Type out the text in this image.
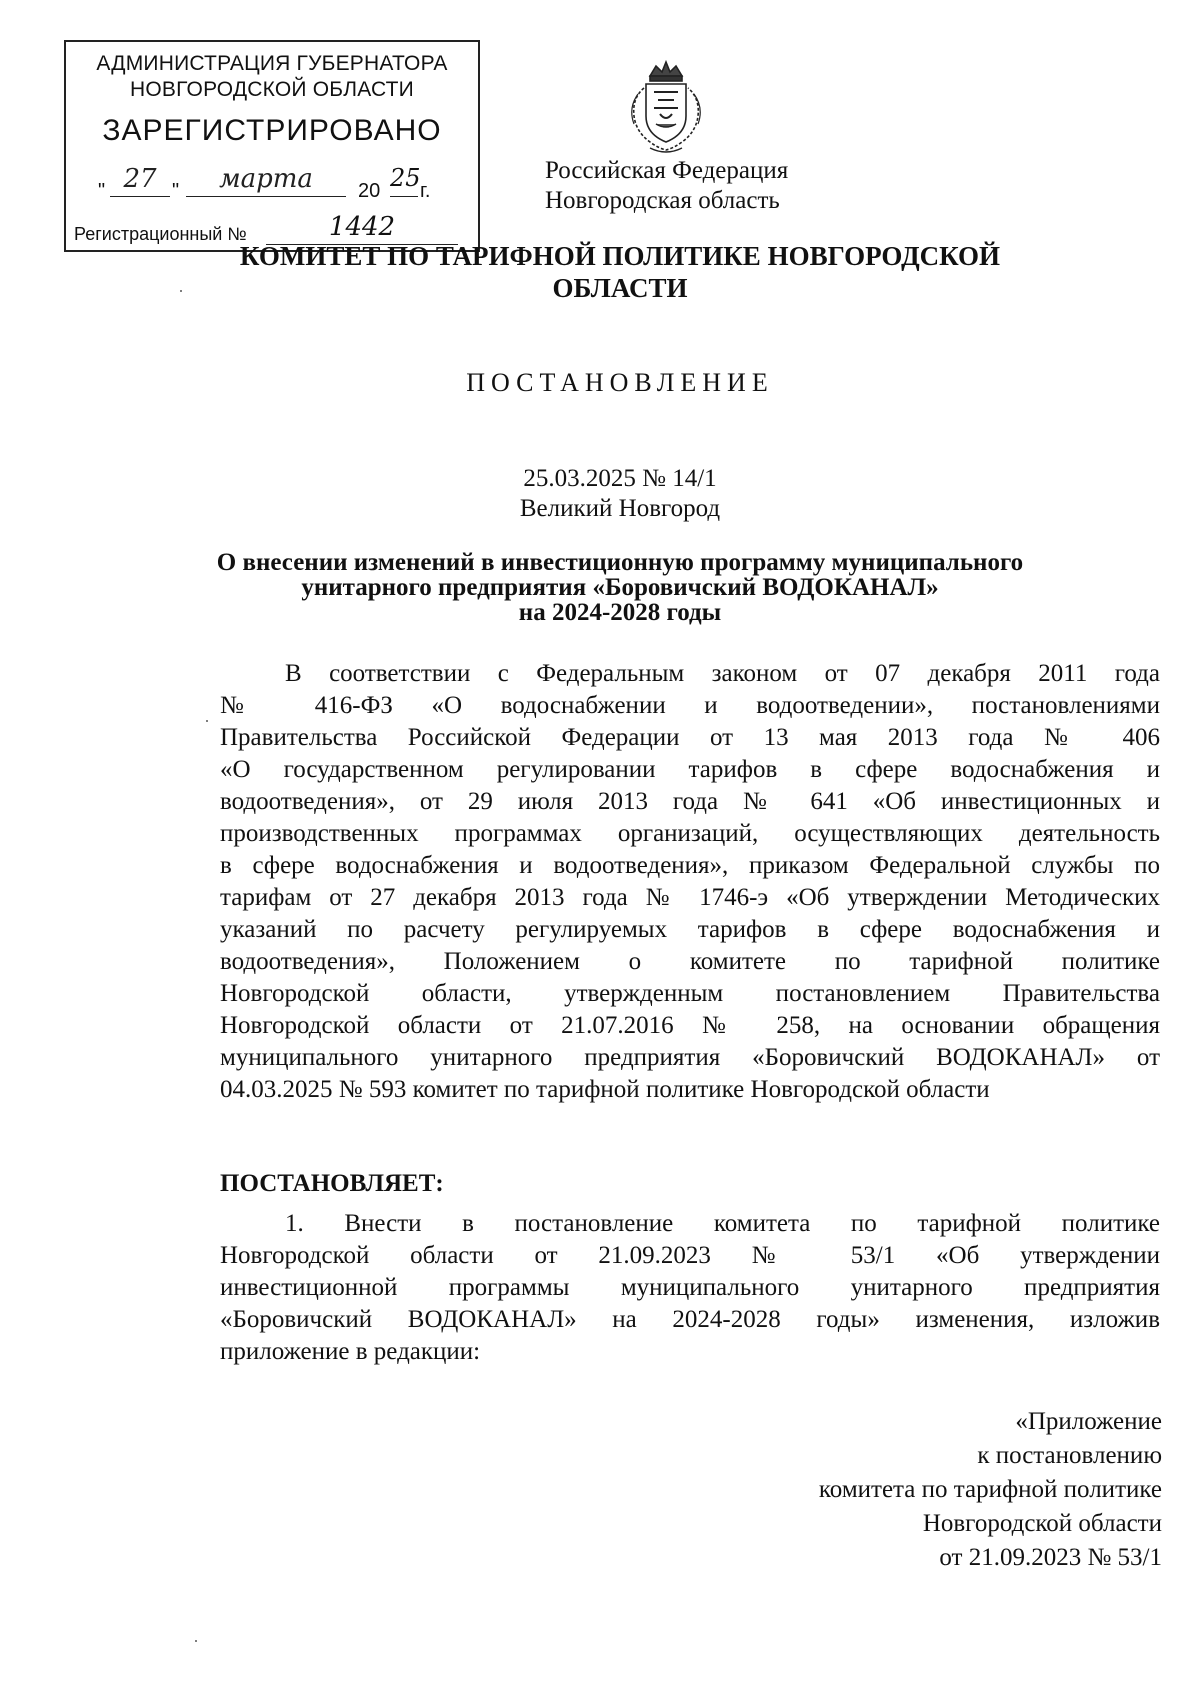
АДМИНИСТРАЦИЯ ГУБЕРНАТОРА
НОВГОРОДСКОЙ ОБЛАСТИ
ЗАРЕГИСТРИРОВАНО
" 27 "	марта	20 25 г.
Регистрационный №	1442
Российская Федерация
Новгородская область
КОМИТЕТ ПО ТАРИФНОЙ ПОЛИТИКЕ НОВГОРОДСКОЙ
ОБЛАСТИ
ПОСТАНОВЛЕНИЕ
25.03.2025 № 14/1
Великий Новгород
О внесении изменений в инвестиционную программу муниципального
унитарного предприятия «Боровичский ВОДОКАНАЛ»
на 2024-2028 годы
В соответствии с Федеральным законом от 07 декабря 2011 года
№ 416-ФЗ «О водоснабжении и водоотведении», постановлениями
Правительства Российской Федерации от 13 мая 2013 года № 406
«О государственном регулировании тарифов в сфере водоснабжения и
водоотведения», от 29 июля 2013 года № 641 «Об инвестиционных и
производственных программах организаций, осуществляющих деятельность
в сфере водоснабжения и водоотведения», приказом Федеральной службы по
тарифам от 27 декабря 2013 года № 1746-э «Об утверждении Методических
указаний по расчету регулируемых тарифов в сфере водоснабжения и
водоотведения», Положением о комитете по тарифной политике
Новгородской области, утвержденным постановлением Правительства
Новгородской области от 21.07.2016 № 258, на основании обращения
муниципального унитарного предприятия «Боровичский ВОДОКАНАЛ» от
04.03.2025 № 593 комитет по тарифной политике Новгородской области
ПОСТАНОВЛЯЕТ:
1. Внести в постановление комитета по тарифной политике
Новгородской области от 21.09.2023 № 53/1 «Об утверждении
инвестиционной программы муниципального унитарного предприятия
«Боровичский ВОДОКАНАЛ» на 2024-2028 годы» изменения, изложив
приложение в редакции:
«Приложение
к постановлению
комитета по тарифной политике
Новгородской области
от 21.09.2023 № 53/1
